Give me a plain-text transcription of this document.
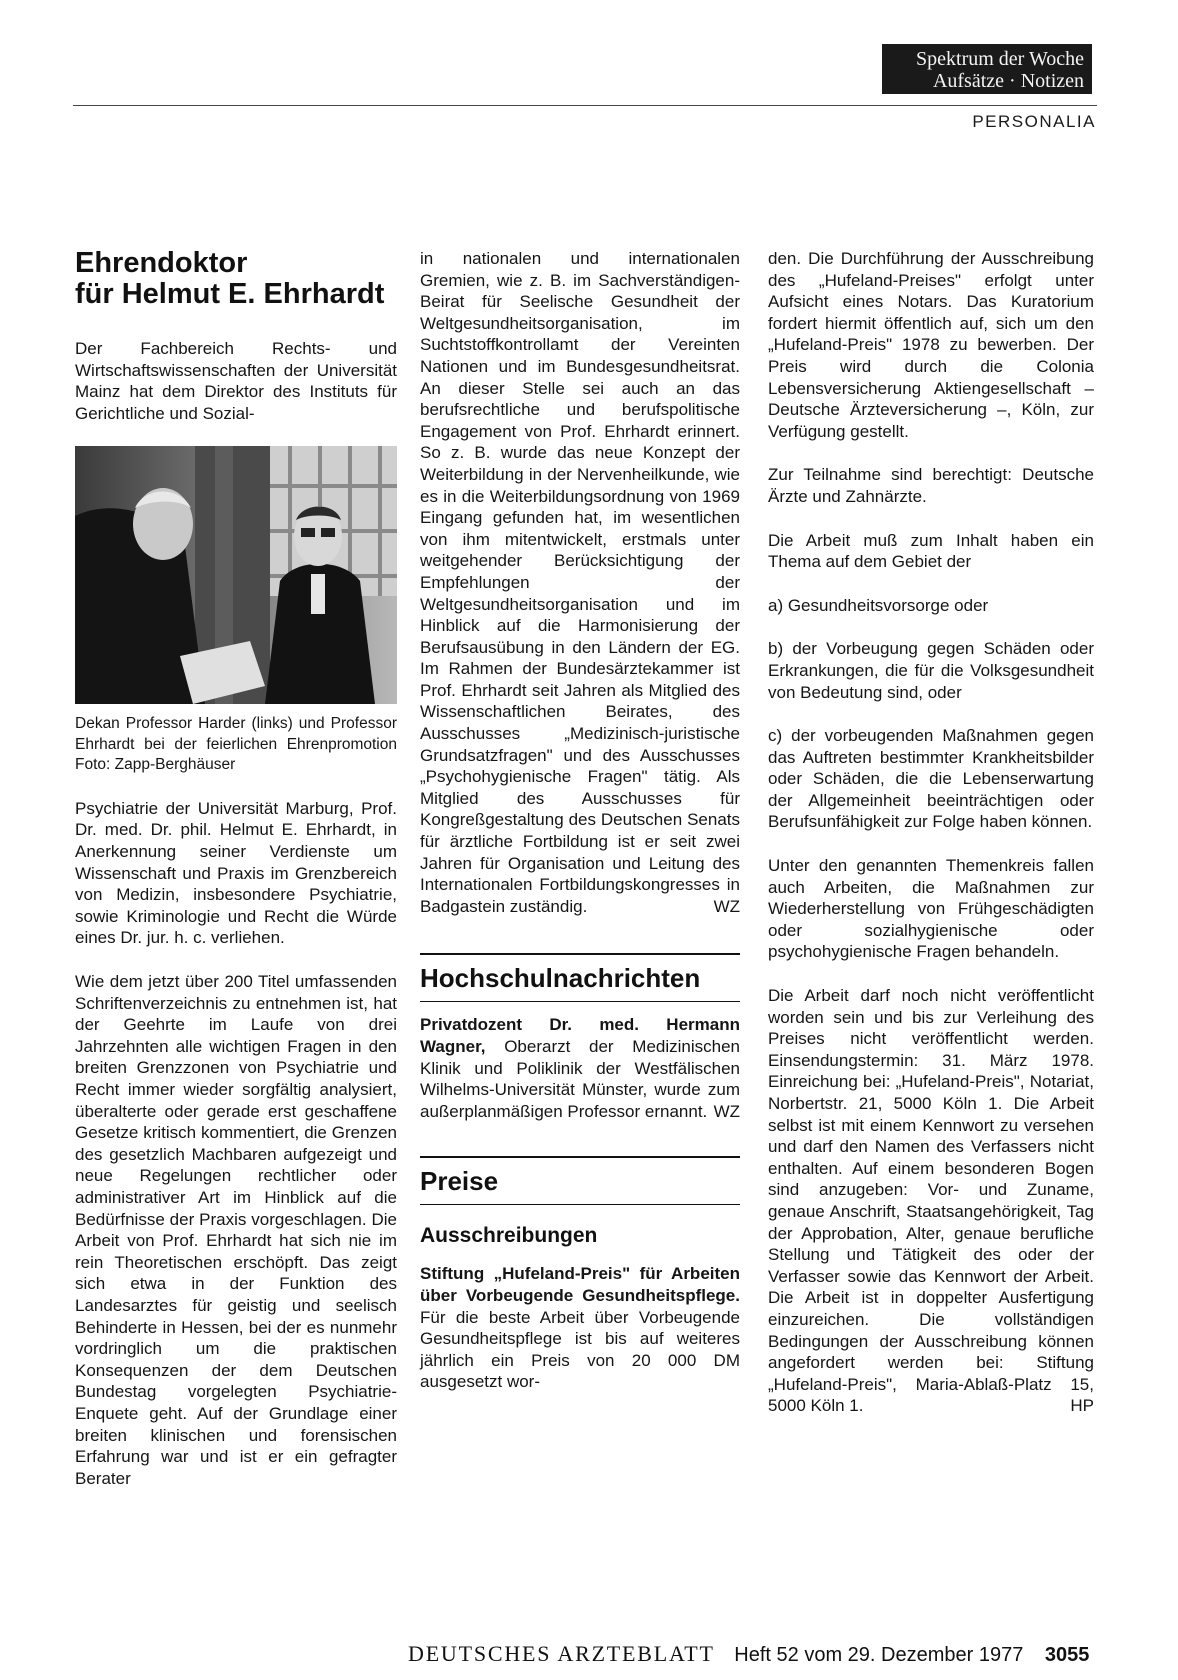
Spektrum der Woche
Aufsätze · Notizen
PERSONALIA
Ehrendoktor
für Helmut E. Ehrhardt

Der Fachbereich Rechts- und Wirtschaftswissenschaften der Universität Mainz hat dem Direktor des Instituts für Gerichtliche und Sozial-

Dekan Professor Harder (links) und Professor Ehrhardt bei der feierlichen Ehrenpromotion Foto: Zapp-Berghäuser

Psychiatrie der Universität Marburg, Prof. Dr. med. Dr. phil. Helmut E. Ehrhardt, in Anerkennung seiner Verdienste um Wissenschaft und Praxis im Grenzbereich von Medizin, insbesondere Psychiatrie, sowie Kriminologie und Recht die Würde eines Dr. jur. h. c. verliehen.

Wie dem jetzt über 200 Titel umfassenden Schriftenverzeichnis zu entnehmen ist, hat der Geehrte im Laufe von drei Jahrzehnten alle wichtigen Fragen in den breiten Grenzzonen von Psychiatrie und Recht immer wieder sorgfältig analysiert, überalterte oder gerade erst geschaffene Gesetze kritisch kommentiert, die Grenzen des gesetzlich Machbaren aufgezeigt und neue Regelungen rechtlicher oder administrativer Art im Hinblick auf die Bedürfnisse der Praxis vorgeschlagen. Die Arbeit von Prof. Ehrhardt hat sich nie im rein Theoretischen erschöpft. Das zeigt sich etwa in der Funktion des Landesarztes für geistig und seelisch Behinderte in Hessen, bei der es nunmehr vordringlich um die praktischen Konsequenzen der dem Deutschen Bundestag vorgelegten Psychiatrie-Enquete geht. Auf der Grundlage einer breiten klinischen und forensischen Erfahrung war und ist er ein gefragter Berater

in nationalen und internationalen Gremien, wie z. B. im Sachverständigen-Beirat für Seelische Gesundheit der Weltgesundheitsorganisation, im Suchtstoffkontrollamt der Vereinten Nationen und im Bundesgesundheitsrat. An dieser Stelle sei auch an das berufsrechtliche und berufspolitische Engagement von Prof. Ehrhardt erinnert. So z. B. wurde das neue Konzept der Weiterbildung in der Nervenheilkunde, wie es in die Weiterbildungsordnung von 1969 Eingang gefunden hat, im wesentlichen von ihm mitentwickelt, erstmals unter weitgehender Berücksichtigung der Empfehlungen der Weltgesundheitsorganisation und im Hinblick auf die Harmonisierung der Berufsausübung in den Ländern der EG. Im Rahmen der Bundesärztekammer ist Prof. Ehrhardt seit Jahren als Mitglied des Wissenschaftlichen Beirates, des Ausschusses „Medizinisch-juristische Grundsatzfragen" und des Ausschusses „Psychohygienische Fragen" tätig. Als Mitglied des Ausschusses für Kongreßgestaltung des Deutschen Senats für ärztliche Fortbildung ist er seit zwei Jahren für Organisation und Leitung des Internationalen Fortbildungskongresses in Badgastein zuständig.	WZ

Hochschulnachrichten

Privatdozent Dr. med. Hermann Wagner, Oberarzt der Medizinischen Klinik und Poliklinik der Westfälischen Wilhelms-Universität Münster, wurde zum außerplanmäßigen Professor ernannt. WZ

Preise
Ausschreibungen

Stiftung „Hufeland-Preis" für Arbeiten über Vorbeugende Gesundheitspflege. Für die beste Arbeit über Vorbeugende Gesundheitspflege ist bis auf weiteres jährlich ein Preis von 20 000 DM ausgesetzt wor-

den. Die Durchführung der Ausschreibung des „Hufeland-Preises" erfolgt unter Aufsicht eines Notars. Das Kuratorium fordert hiermit öffentlich auf, sich um den „Hufeland-Preis" 1978 zu bewerben. Der Preis wird durch die Colonia Lebensversicherung Aktiengesellschaft – Deutsche Ärzteversicherung –, Köln, zur Verfügung gestellt.

Zur Teilnahme sind berechtigt: Deutsche Ärzte und Zahnärzte.

Die Arbeit muß zum Inhalt haben ein Thema auf dem Gebiet der

a) Gesundheitsvorsorge oder

b) der Vorbeugung gegen Schäden oder Erkrankungen, die für die Volksgesundheit von Bedeutung sind, oder

c) der vorbeugenden Maßnahmen gegen das Auftreten bestimmter Krankheitsbilder oder Schäden, die die Lebenserwartung der Allgemeinheit beeinträchtigen oder Berufsunfähigkeit zur Folge haben können.

Unter den genannten Themenkreis fallen auch Arbeiten, die Maßnahmen zur Wiederherstellung von Frühgeschädigten oder sozialhygienische oder psychohygienische Fragen behandeln.

Die Arbeit darf noch nicht veröffentlicht worden sein und bis zur Verleihung des Preises nicht veröffentlicht werden. Einsendungstermin: 31. März 1978. Einreichung bei: „Hufeland-Preis", Notariat, Norbertstr. 21, 5000 Köln 1. Die Arbeit selbst ist mit einem Kennwort zu versehen und darf den Namen des Verfassers nicht enthalten. Auf einem besonderen Bogen sind anzugeben: Vor- und Zuname, genaue Anschrift, Staatsangehörigkeit, Tag der Approbation, Alter, genaue berufliche Stellung und Tätigkeit des oder der Verfasser sowie das Kennwort der Arbeit. Die Arbeit ist in doppelter Ausfertigung einzureichen. Die vollständigen Bedingungen der Ausschreibung können angefordert werden bei: Stiftung „Hufeland-Preis", Maria-Ablaß-Platz 15, 5000 Köln 1.	HP

DEUTSCHES ARZTEBLATT Heft 52 vom 29. Dezember 1977 3055
